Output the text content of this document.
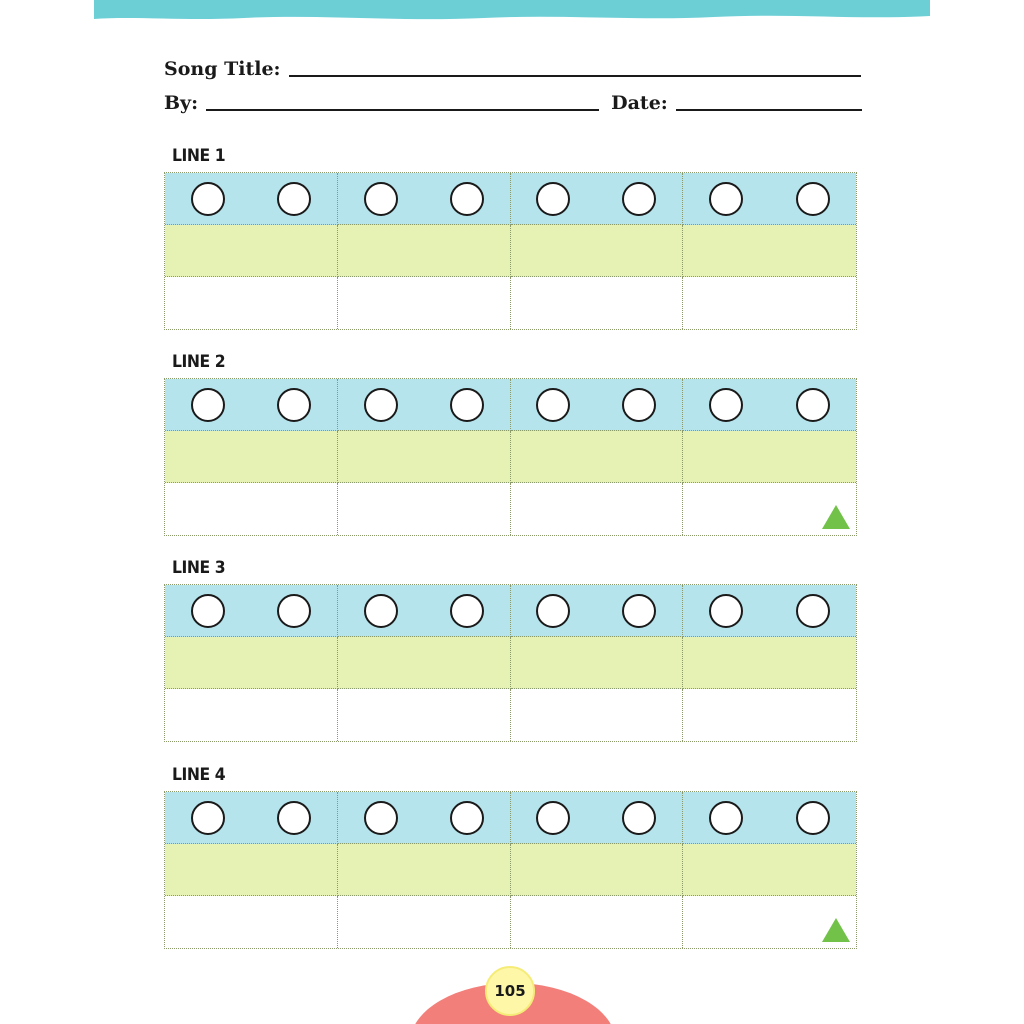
Song Title:
By:	Date:
LINE 1
LINE 2
LINE 3
LINE 4
105
